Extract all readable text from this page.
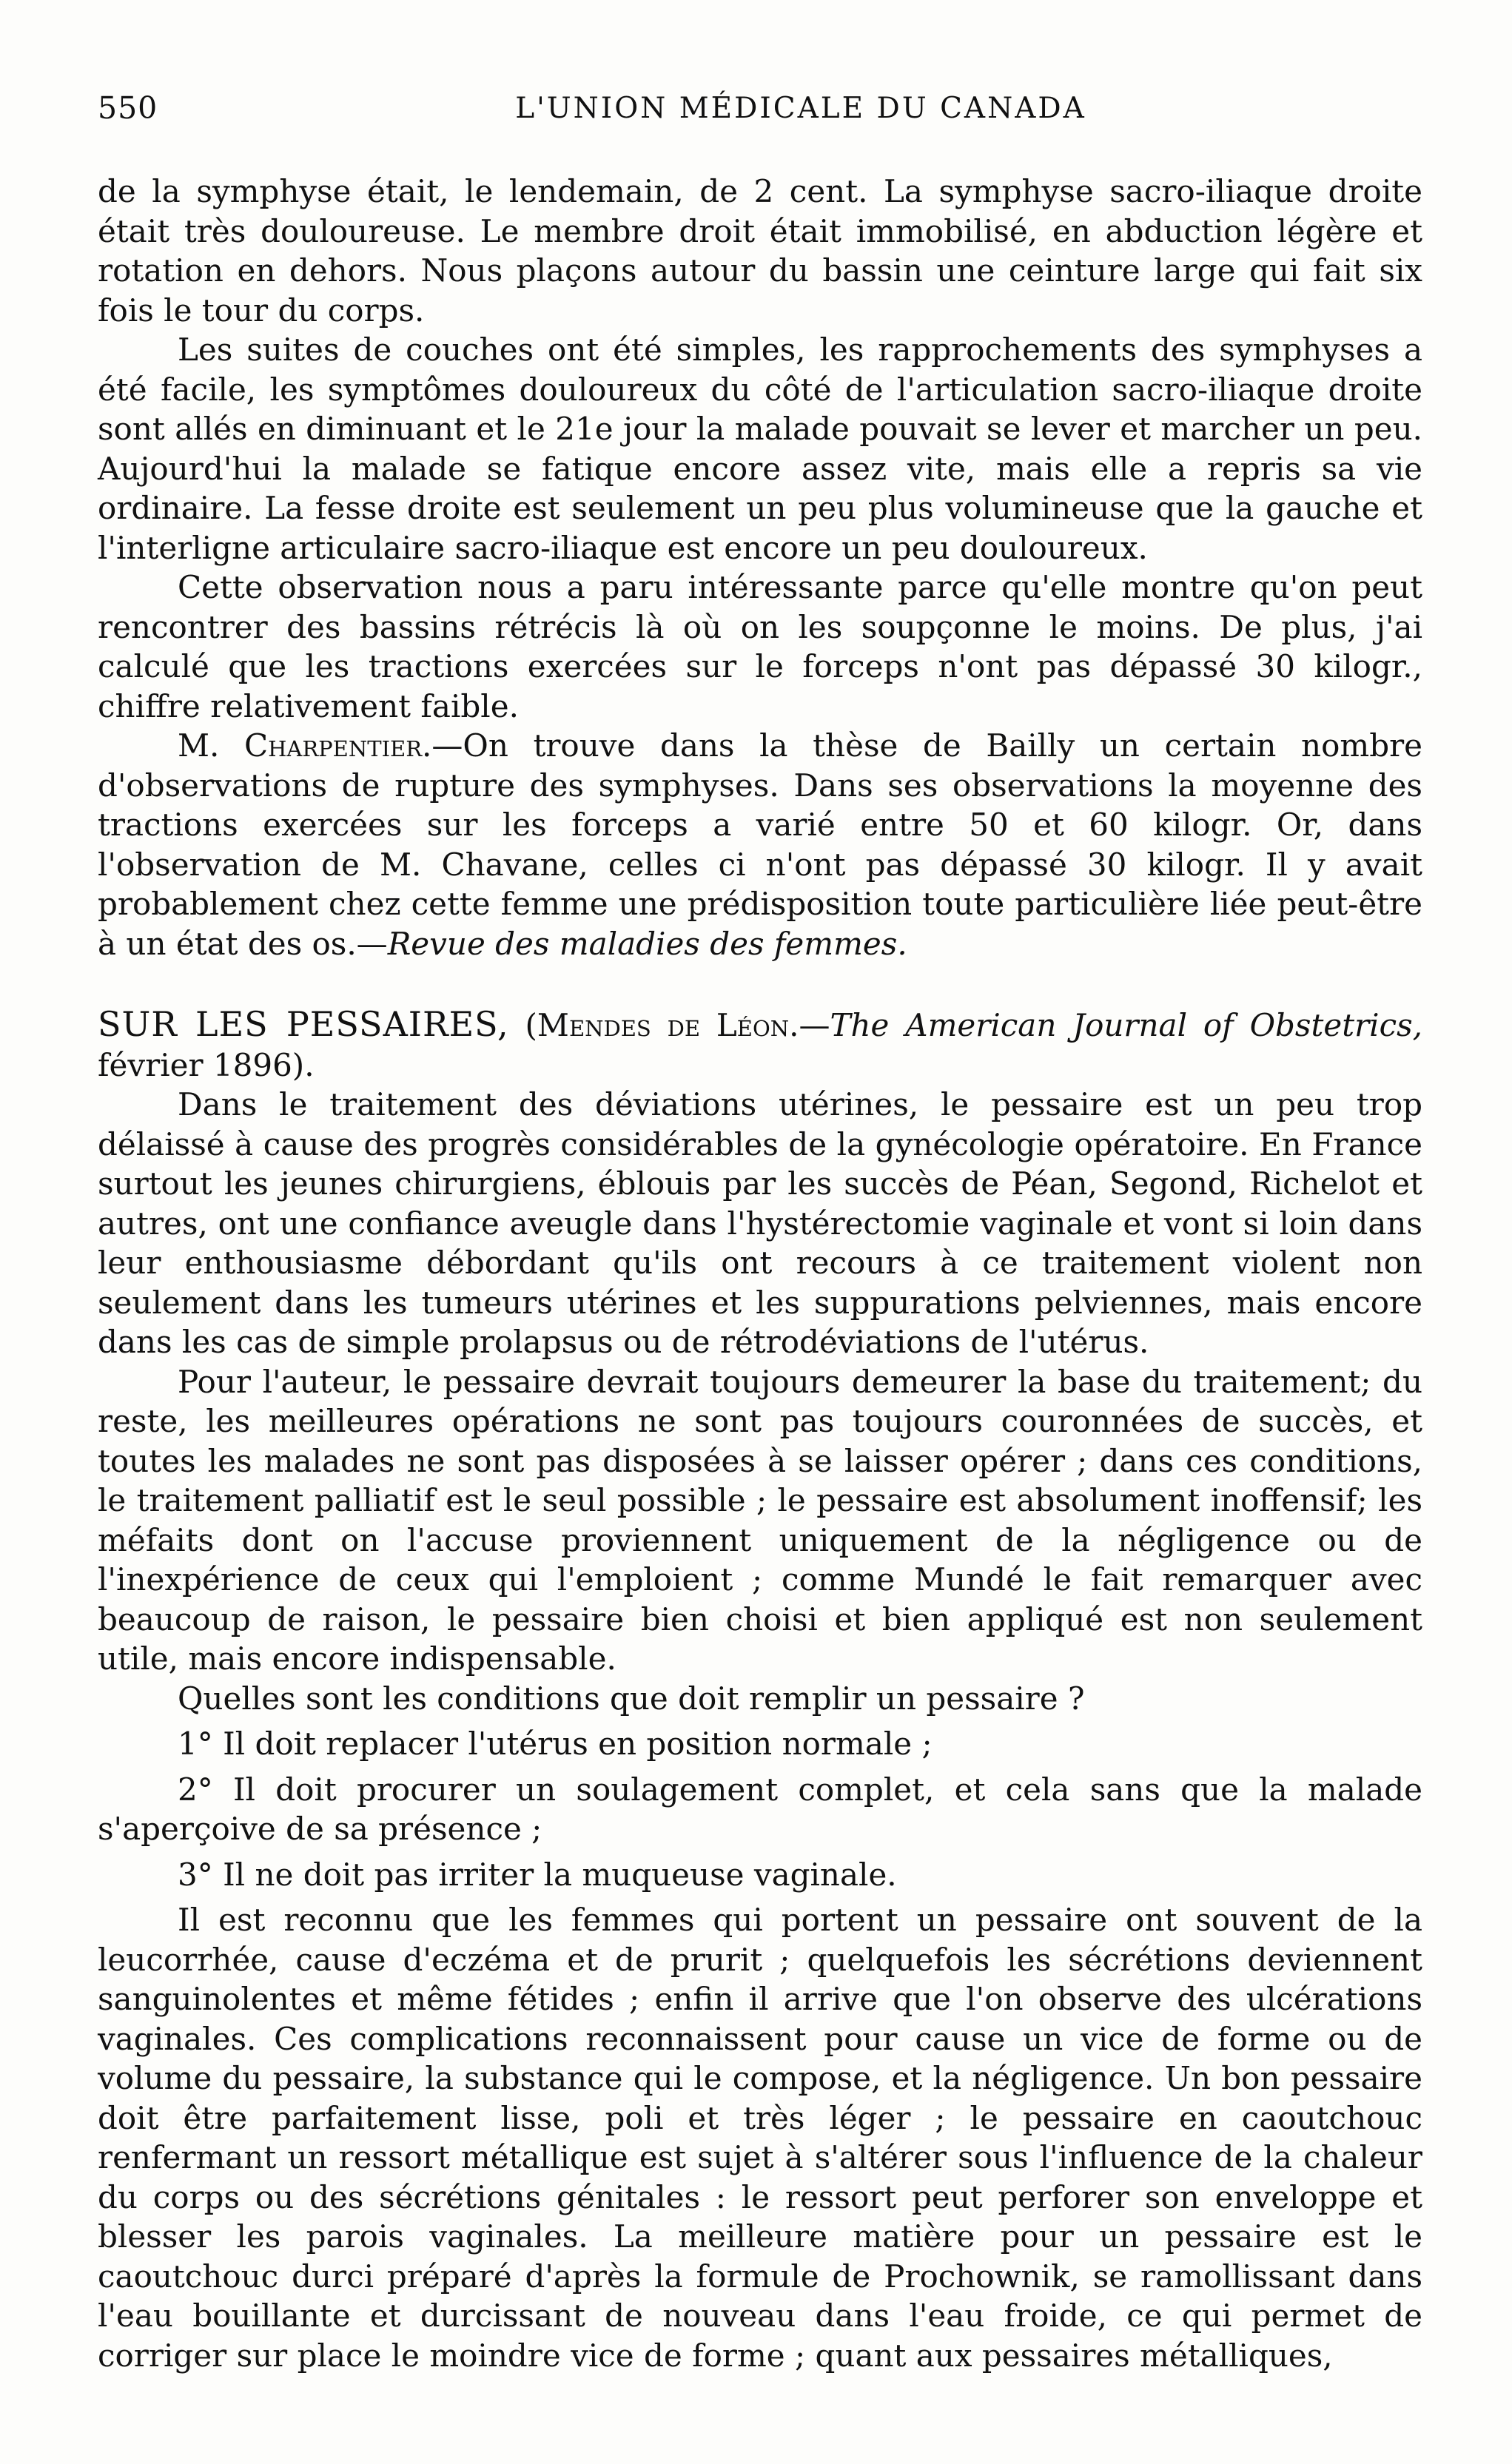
550	L'UNION MÉDICALE DU CANADA

de la symphyse était, le lendemain, de 2 cent. La symphyse sacro-iliaque droite était très douloureuse. Le membre droit était immobilisé, en abduction légère et rotation en dehors. Nous plaçons autour du bassin une ceinture large qui fait six fois le tour du corps.

Les suites de couches ont été simples, les rapprochements des symphyses a été facile, les symptômes douloureux du côté de l'articulation sacro-iliaque droite sont allés en diminuant et le 21e jour la malade pouvait se lever et marcher un peu. Aujourd'hui la malade se fatique encore assez vite, mais elle a repris sa vie ordinaire. La fesse droite est seulement un peu plus volumineuse que la gauche et l'interligne articulaire sacro-iliaque est encore un peu douloureux.

Cette observation nous a paru intéressante parce qu'elle montre qu'on peut rencontrer des bassins rétrécis là où on les soupçonne le moins. De plus, j'ai calculé que les tractions exercées sur le forceps n'ont pas dépassé 30 kilogr., chiffre relativement faible.

M. Charpentier.—On trouve dans la thèse de Bailly un certain nombre d'observations de rupture des symphyses. Dans ses observations la moyenne des tractions exercées sur les forceps a varié entre 50 et 60 kilogr. Or, dans l'observation de M. Chavane, celles ci n'ont pas dépassé 30 kilogr. Il y avait probablement chez cette femme une prédisposition toute particulière liée peut-être à un état des os.—Revue des maladies des femmes.

SUR LES PESSAIRES, (Mendes de Léon.—The American Journal of Obstetrics, février 1896).

Dans le traitement des déviations utérines, le pessaire est un peu trop délaissé à cause des progrès considérables de la gynécologie opératoire. En France surtout les jeunes chirurgiens, éblouis par les succès de Péan, Segond, Richelot et autres, ont une confiance aveugle dans l'hystérectomie vaginale et vont si loin dans leur enthousiasme débordant qu'ils ont recours à ce traitement violent non seulement dans les tumeurs utérines et les suppurations pelviennes, mais encore dans les cas de simple prolapsus ou de rétrodéviations de l'utérus.

Pour l'auteur, le pessaire devrait toujours demeurer la base du traitement; du reste, les meilleures opérations ne sont pas toujours couronnées de succès, et toutes les malades ne sont pas disposées à se laisser opérer ; dans ces conditions, le traitement palliatif est le seul possible ; le pessaire est absolument inoffensif; les méfaits dont on l'accuse proviennent uniquement de la négligence ou de l'inexpérience de ceux qui l'emploient ; comme Mundé le fait remarquer avec beaucoup de raison, le pessaire bien choisi et bien appliqué est non seulement utile, mais encore indispensable.

Quelles sont les conditions que doit remplir un pessaire ?

1° Il doit replacer l'utérus en position normale ;

2° Il doit procurer un soulagement complet, et cela sans que la malade s'aperçoive de sa présence ;

3° Il ne doit pas irriter la muqueuse vaginale.

Il est reconnu que les femmes qui portent un pessaire ont souvent de la leucorrhée, cause d'eczéma et de prurit ; quelquefois les sécrétions deviennent sanguinolentes et même fétides ; enfin il arrive que l'on observe des ulcérations vaginales. Ces complications reconnaissent pour cause un vice de forme ou de volume du pessaire, la substance qui le compose, et la négligence. Un bon pessaire doit être parfaitement lisse, poli et très léger ; le pessaire en caoutchouc renfermant un ressort métallique est sujet à s'altérer sous l'influence de la chaleur du corps ou des sécrétions génitales : le ressort peut perforer son enveloppe et blesser les parois vaginales. La meilleure matière pour un pessaire est le caoutchouc durci préparé d'après la formule de Prochownik, se ramollissant dans l'eau bouillante et durcissant de nouveau dans l'eau froide, ce qui permet de corriger sur place le moindre vice de forme ; quant aux pessaires métalliques,
